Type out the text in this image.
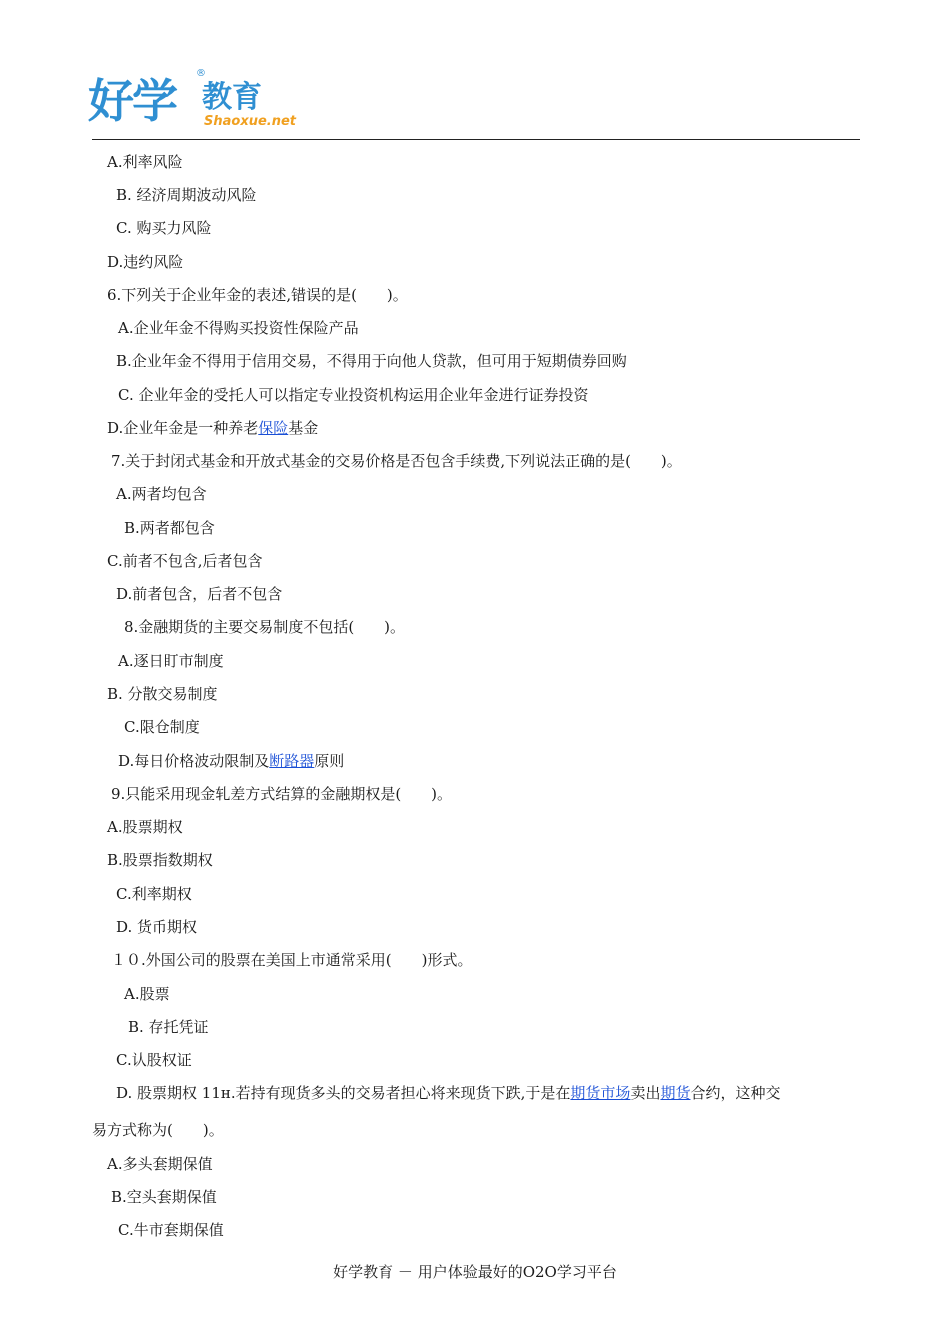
好学
®
教育
Shaoxue.net
A.利率风险
B. 经济周期波动风险
C. 购买力风险
D.违约风险
6.下列关于企业年金的表述,错误的是(　　)。
A.企业年金不得购买投资性保险产品
B.企业年金不得用于信用交易，不得用于向他人贷款，但可用于短期债券回购
C. 企业年金的受托人可以指定专业投资机构运用企业年金进行证券投资
D.企业年金是一种养老保险基金
7.关于封闭式基金和开放式基金的交易价格是否包含手续费,下列说法正确的是(　　)。
A.两者均包含
B.两者都包含
C.前者不包含,后者包含
D.前者包含，后者不包含
8.金融期货的主要交易制度不包括(　　)。
A.逐日盯市制度
B. 分散交易制度
C.限仓制度
D.每日价格波动限制及断路器原则
9.只能采用现金轧差方式结算的金融期权是(　　)。
A.股票期权
B.股票指数期权
C.利率期权
D. 货币期权
１０.外国公司的股票在美国上市通常采用(　　)形式。
A.股票
B. 存托凭证
C.认股权证
D. 股票期权 11ʜ.若持有现货多头的交易者担心将来现货下跌,于是在期货市场卖出期货合约，这种交
易方式称为(　　)。
A.多头套期保值
B.空头套期保值
C.牛市套期保值
好学教育 － 用户体验最好的O2O学习平台
